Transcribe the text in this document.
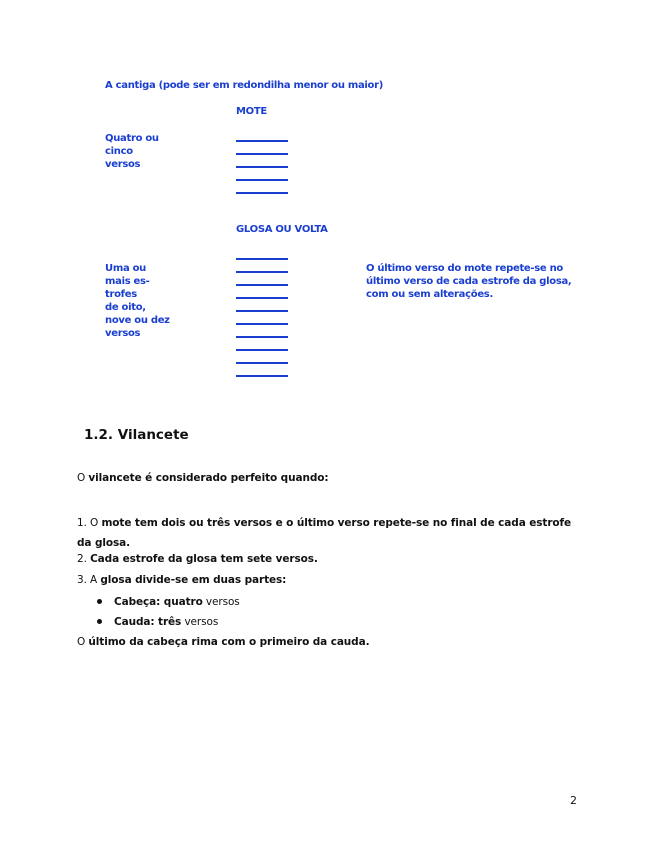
A cantiga (pode ser em redondilha menor ou maior)
MOTE
Quatro ou
cinco
versos
GLOSA OU VOLTA
Uma ou
mais es-
trofes
de oito,
nove ou dez
versos
O último verso do mote repete-se no último verso de cada estrofe da glosa, com ou sem alterações.
1.2. Vilancete
O vilancete é considerado perfeito quando:
1. O mote tem dois ou três versos e o último verso repete-se no final de cada estrofe da glosa.
2. Cada estrofe da glosa tem sete versos.
3. A glosa divide-se em duas partes:
Cabeça: quatro versos
Cauda: três versos
O último da cabeça rima com o primeiro da cauda.
2
